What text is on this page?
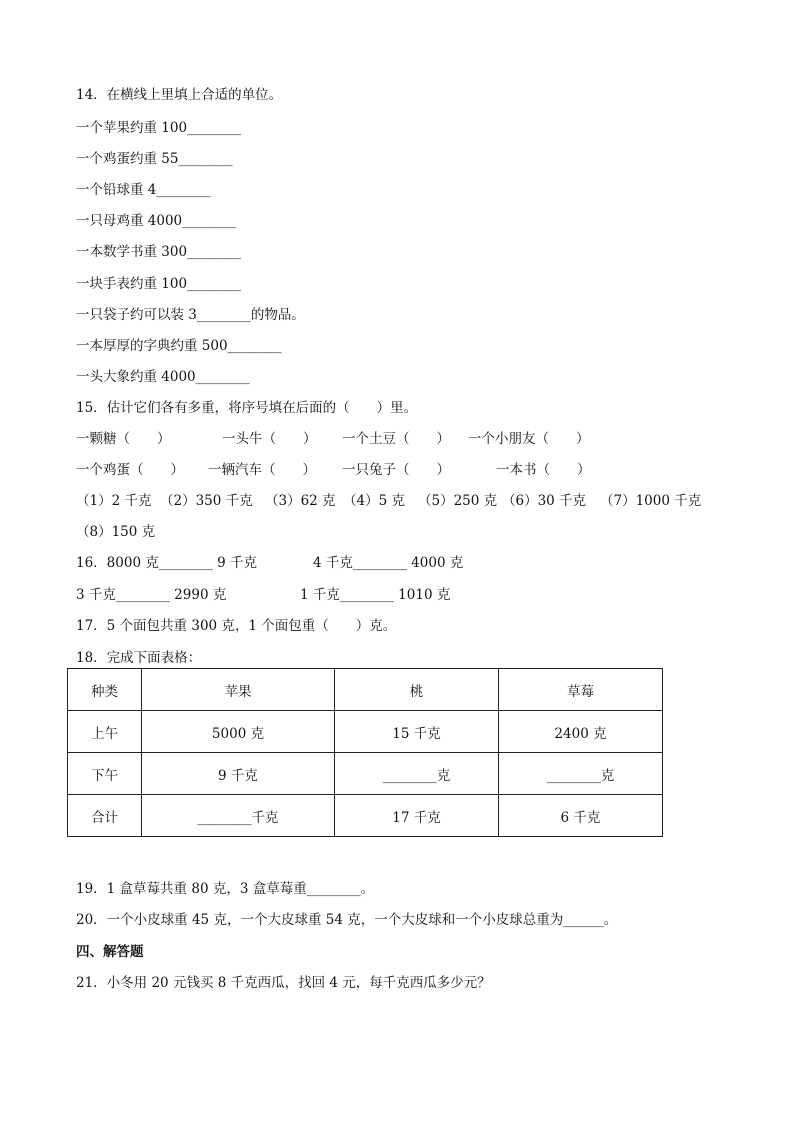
14．在横线上里填上合适的单位。
一个苹果约重 100________
一个鸡蛋约重 55________
一个铅球重 4________
一只母鸡重 4000________
一本数学书重 300________
一块手表约重 100________
一只袋子约可以装 3________的物品。
一本厚厚的字典约重 500________
一头大象约重 4000________
15．估计它们各有多重，将序号填在后面的（　　）里。
一颗糖（　　）	一头牛（　　） 一个土豆（　　） 一个小朋友（　　）
一个鸡蛋（　　） 一辆汽车（　　） 一只兔子（　　）	一本书（　　）
（1）2 千克 （2）350 千克 （3）62 克 （4）5 克 （5）250 克 （6）30 千克 （7）1000 千克
（8）150 克
16．8000 克________ 9 千克	4 千克________ 4000 克
3 千克________ 2990 克	1 千克________ 1010 克
17．5 个面包共重 300 克，1 个面包重（　　）克。
18．完成下面表格：
种类	苹果	桃	草莓
上午	5000 克	15 千克	2400 克
下午	9 千克	________克	________克
合计	________千克	17 千克	6 千克
19．1 盒草莓共重 80 克，3 盒草莓重________。
20．一个小皮球重 45 克，一个大皮球重 54 克，一个大皮球和一个小皮球总重为______。
四、解答题
21．小冬用 20 元钱买 8 千克西瓜，找回 4 元，每千克西瓜多少元？
